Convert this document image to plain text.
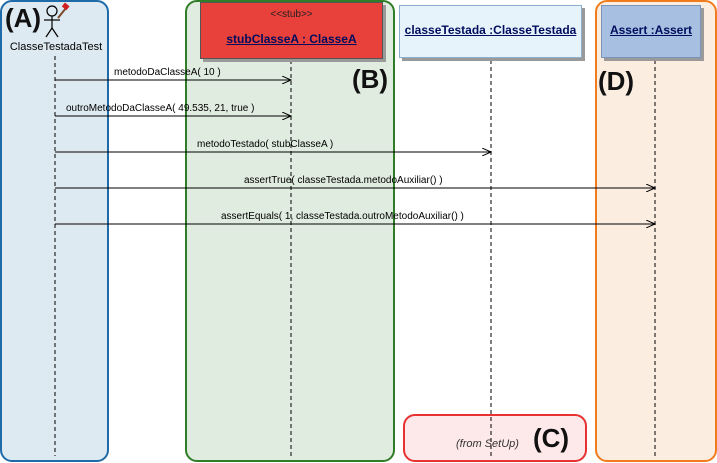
(A)
(B)
(C)
(D)
ClasseTestadaTest
<<stub>>
stubClasseA : ClasseA
classeTestada :ClasseTestada	Assert :Assert
metodoDaClasseA( 10 )
outroMetodoDaClasseA( 49.535, 21, true )
metodoTestado( stubClasseA )
assertTrue( classeTestada.metodoAuxiliar() )
assertEquals( 1, classeTestada.outroMetodoAuxiliar() )
(from SetUp)
